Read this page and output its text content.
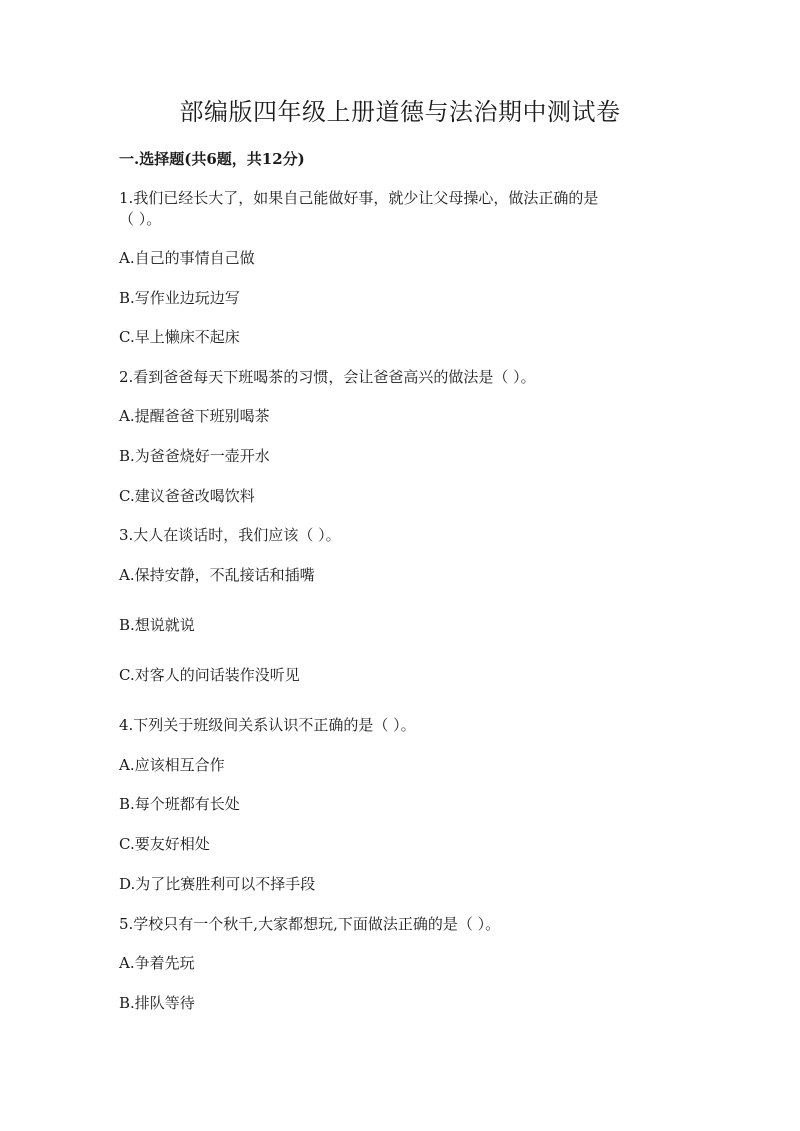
部编版四年级上册道德与法治期中测试卷
一.选择题(共6题，共12分)
1.我们已经长大了，如果自己能做好事，就少让父母操心，做法正确的是
（ ）。
A.自己的事情自己做
B.写作业边玩边写
C.早上懒床不起床
2.看到爸爸每天下班喝茶的习惯，会让爸爸高兴的做法是（ ）。
A.提醒爸爸下班别喝茶
B.为爸爸烧好一壶开水
C.建议爸爸改喝饮料
3.大人在谈话时，我们应该（ ）。
A.保持安静，不乱接话和插嘴
B.想说就说
C.对客人的问话装作没听见
4.下列关于班级间关系认识不正确的是（ ）。
A.应该相互合作
B.每个班都有长处
C.要友好相处
D.为了比赛胜利可以不择手段
5.学校只有一个秋千,大家都想玩,下面做法正确的是（ ）。
A.争着先玩
B.排队等待
